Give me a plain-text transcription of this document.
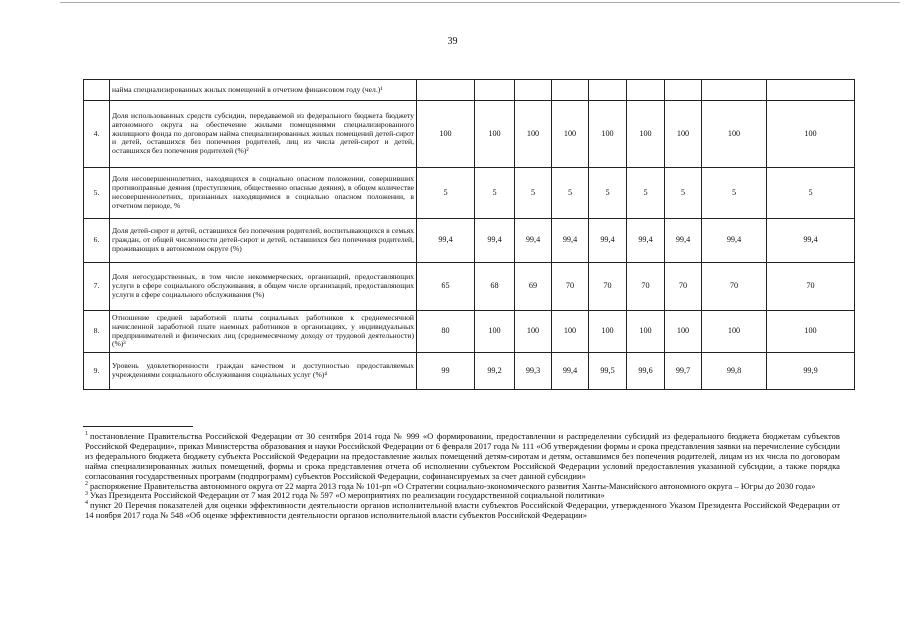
39
	найма специализированных жилых помещений в отчетном финансовом году (чел.)¹									
4.	Доля использованных средств субсидии, передаваемой из федерального бюджета бюджету автономного округа на обеспечение жилыми помещениями специализированного жилищного фонда по договорам найма специализированных жилых помещений детей-сирот и детей, оставшихся без попечения родителей, лиц из числа детей-сирот и детей, оставшихся без попечения родителей (%)²	100	100	100	100	100	100	100	100	100
5.	Доля несовершеннолетних, находящихся в социально опасном положении, совершивших противоправные деяния (преступления, общественно опасные деяния), в общем количестве несовершеннолетних, признанных находящимися в социально опасном положении, в отчетном периоде, %	5	5	5	5	5	5	5	5	5
6.	Доля детей-сирот и детей, оставшихся без попечения родителей, воспитывающихся в семьях граждан, от общей численности детей-сирот и детей, оставшихся без попечения родителей, проживающих в автономном округе (%)	99,4	99,4	99,4	99,4	99,4	99,4	99,4	99,4	99,4
7.	Доля негосударственных, в том числе некоммерческих, организаций, предоставляющих услуги в сфере социального обслуживания, в общем числе организаций, предоставляющих услуги в сфере социального обслуживания (%)	65	68	69	70	70	70	70	70	70
8.	Отношение средней заработной платы социальных работников к среднемесячной начисленной заработной плате наемных работников в организациях, у индивидуальных предпринимателей и физических лиц (среднемесячному доходу от трудовой деятельности) (%)³	80	100	100	100	100	100	100	100	100
9.	Уровень удовлетворенности граждан качеством и доступностью предоставляемых учреждениями социального обслуживания социальных услуг (%)⁴	99	99,2	99,3	99,4	99,5	99,6	99,7	99,8	99,9

$^1$ постановление Правительства Российской Федерации от 30 сентября 2014 года № 999 «О формировании, предоставлении и распределении субсидий из федерального бюджета бюджетам субъектов Российской Федерации», приказ Министерства образования и науки Российской Федерации от 6 февраля 2017 года № 111 «Об утверждении формы и срока представления заявки на перечисление субсидии из федерального бюджета бюджету субъекта Российской Федерации на предоставление жилых помещений детям-сиротам и детям, оставшимся без попечения родителей, лицам из их числа по договорам найма специализированных жилых помещений, формы и срока представления отчета об исполнении субъектом Российской Федерации условий предоставления указанной субсидии, а также порядка согласования государственных программ (подпрограмм) субъектов Российской Федерации, софинансируемых за счет данной субсидии»

$^2$ распоряжение Правительства автономного округа от 22 марта 2013 года № 101-рп «О Стратегии социально-экономического развития Ханты-Мансийского автономного округа – Югры до 2030 года»

$^3$ Указ Президента Российской Федерации от 7 мая 2012 года № 597 «О мероприятиях по реализации государственной социальной политики»

$^4$ пункт 20 Перечня показателей для оценки эффективности деятельности органов исполнительной власти субъектов Российской Федерации, утвержденного Указом Президента Российской Федерации от 14 ноября 2017 года № 548 «Об оценке эффективности деятельности органов исполнительной власти субъектов Российской Федерации»
